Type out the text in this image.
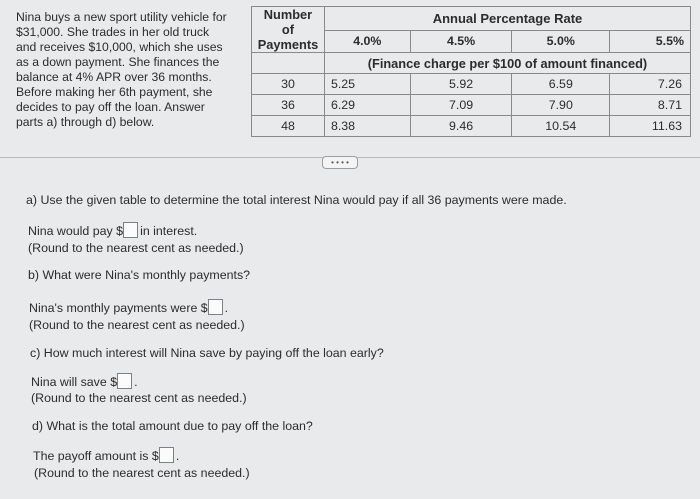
Nina buys a new sport utility vehicle for
$31,000. She trades in her old truck
and receives $10,000, which she uses
as a down payment. She finances the
balance at 4% APR over 36 months.
Before making her 6th payment, she
decides to pay off the loan. Answer
parts a) through d) below.
Number
of
Payments	Annual Percentage Rate			
	4.0%	4.5%	5.0%	5.5%
	(Finance charge per $100 of amount financed)			
30	5.25	5.92	6.59	7.26
36	6.29	7.09	7.90	8.71
48	8.38	9.46	10.54	11.63
• • • •
a) Use the given table to determine the total interest Nina would pay if all 36 payments were made.
Nina would pay $ in interest.
(Round to the nearest cent as needed.)
b) What were Nina's monthly payments?
Nina's monthly payments were $ .
(Round to the nearest cent as needed.)
c) How much interest will Nina save by paying off the loan early?
Nina will save $ .
(Round to the nearest cent as needed.)
d) What is the total amount due to pay off the loan?
The payoff amount is $ .
(Round to the nearest cent as needed.)
